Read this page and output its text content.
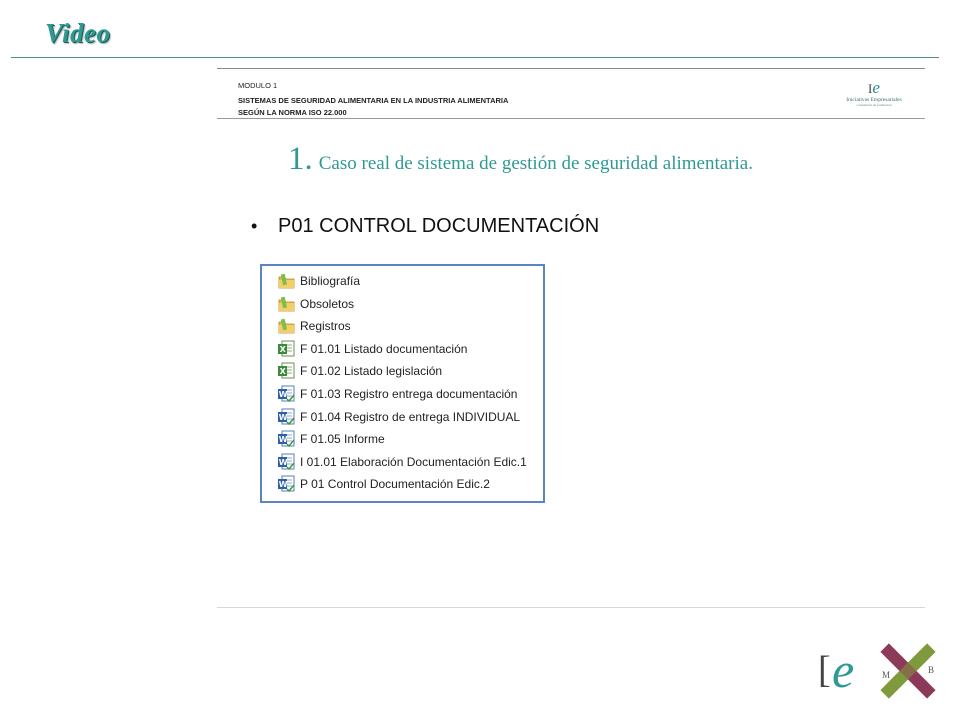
Video
MODULO 1
SISTEMAS DE SEGURIDAD ALIMENTARIA EN LA INDUSTRIA ALIMENTARIA
SEGÚN LA NORMA ISO 22.000
Ie
Iniciativas Empresariales
consultoría de formación
1. Caso real de sistema de gestión de seguridad alimentaria.
• P01 CONTROL DOCUMENTACIÓN
Bibliografía
Obsoletos
Registros
X F 01.01 Listado documentación
X F 01.02 Listado legislación
W F 01.03 Registro entrega documentación
W F 01.04 Registro de entrega INDIVIDUAL
W F 01.05 Informe
W I 01.01 Elaboración Documentación Edic.1
W P 01 Control Documentación Edic.2
[ e	M	B
